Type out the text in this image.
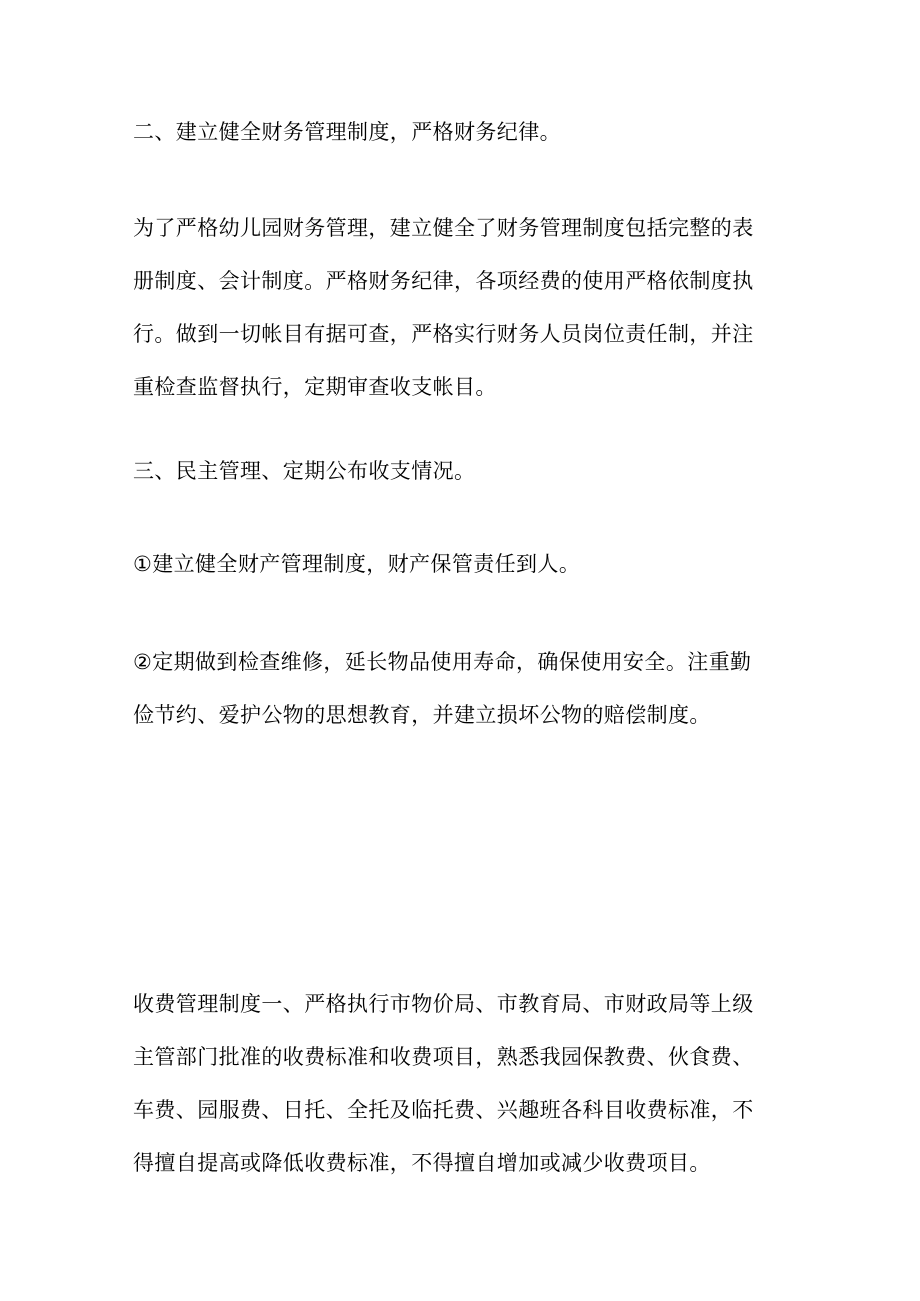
二、建立健全财务管理制度，严格财务纪律。
为了严格幼儿园财务管理，建立健全了财务管理制度包括完整的表
册制度、会计制度。严格财务纪律，各项经费的使用严格依制度执
行。做到一切帐目有据可查，严格实行财务人员岗位责任制，并注
重检查监督执行，定期审查收支帐目。
三、民主管理、定期公布收支情况。
①建立健全财产管理制度，财产保管责任到人。
②定期做到检查维修，延长物品使用寿命，确保使用安全。注重勤
俭节约、爱护公物的思想教育，并建立损坏公物的赔偿制度。
收费管理制度一、严格执行市物价局、市教育局、市财政局等上级
主管部门批准的收费标准和收费项目，熟悉我园保教费、伙食费、
车费、园服费、日托、全托及临托费、兴趣班各科目收费标准，不
得擅自提高或降低收费标准，不得擅自增加或减少收费项目。
